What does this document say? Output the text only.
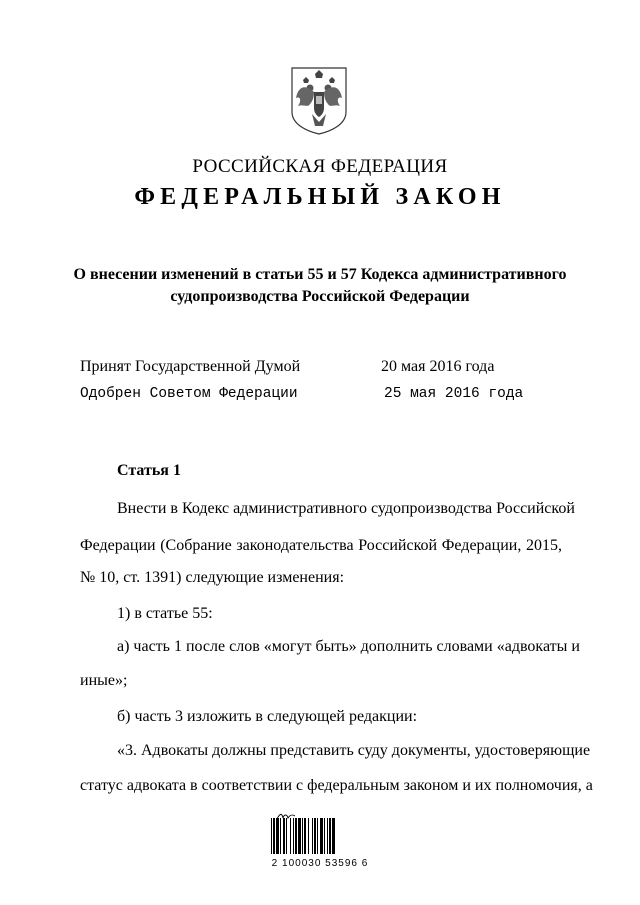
РОССИЙСКАЯ ФЕДЕРАЦИЯ
ФЕДЕРАЛЬНЫЙ ЗАКОН
О внесении изменений в статьи 55 и 57 Кодекса административного
судопроизводства Российской Федерации
Принят Государственной Думой	20 мая 2016 года
Одобрен Советом Федерации	25 мая 2016 года
Статья 1
Внести в Кодекс административного судопроизводства Российской
Федерации (Собрание законодательства Российской Федерации, 2015,
№ 10, ст. 1391) следующие изменения:
1) в статье 55:
а) часть 1 после слов «могут быть» дополнить словами «адвокаты и
иные»;
б) часть 3 изложить в следующей редакции:
«3. Адвокаты должны представить суду документы, удостоверяющие
статус адвоката в соответствии с федеральным законом и их полномочия, а
2 100030 53596 6
